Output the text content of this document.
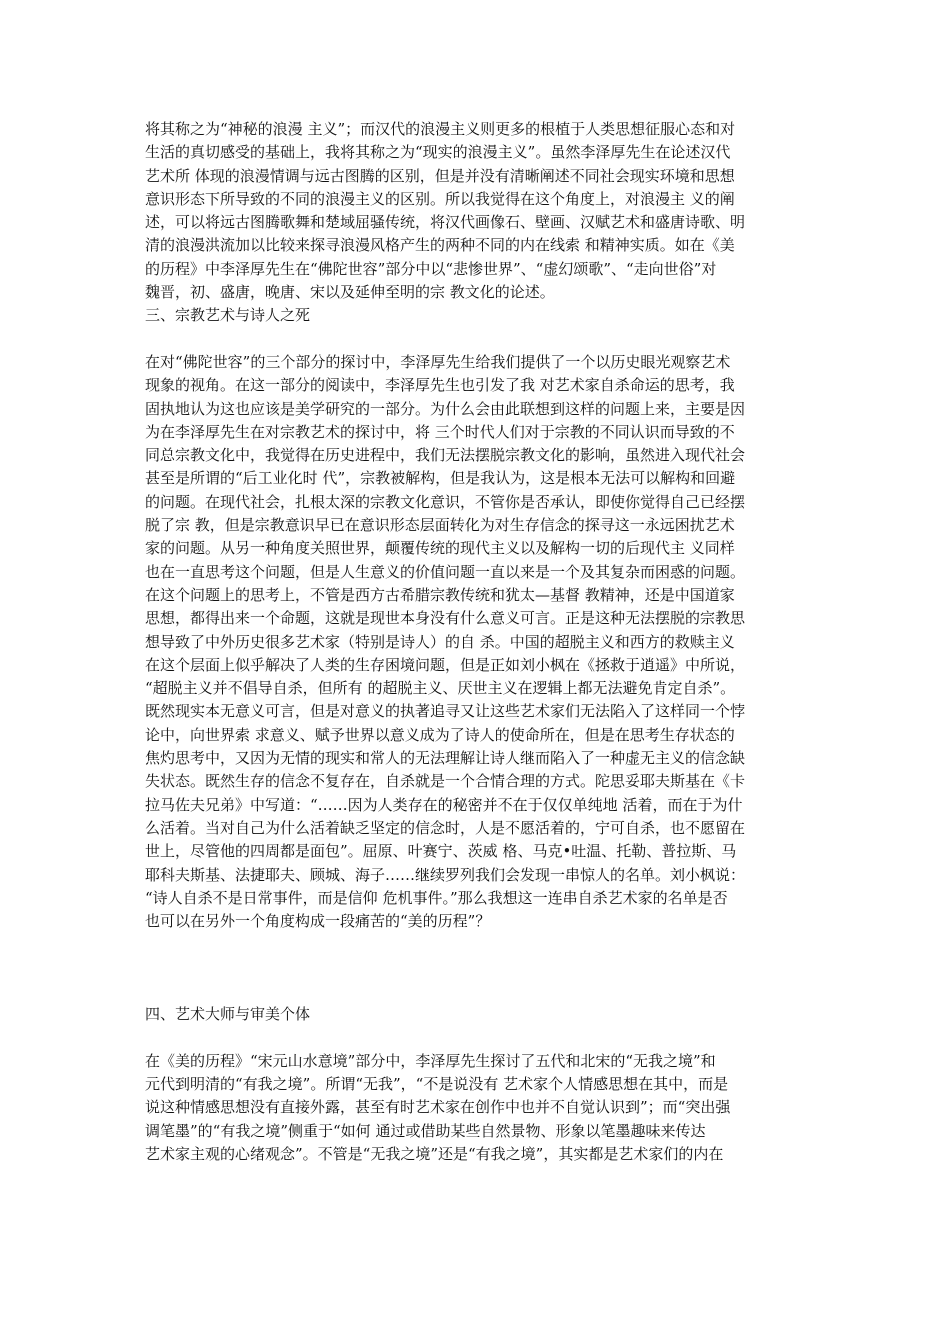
将其称之为“神秘的浪漫 主义”；而汉代的浪漫主义则更多的根植于人类思想征服心态和对
生活的真切感受的基础上，我将其称之为“现实的浪漫主义”。虽然李泽厚先生在论述汉代
艺术所 体现的浪漫情调与远古图腾的区别，但是并没有清晰阐述不同社会现实环境和思想
意识形态下所导致的不同的浪漫主义的区别。所以我觉得在这个角度上，对浪漫主 义的阐
述，可以将远古图腾歌舞和楚域屈骚传统，将汉代画像石、壁画、汉赋艺术和盛唐诗歌、明
清的浪漫洪流加以比较来探寻浪漫风格产生的两种不同的内在线索 和精神实质。如在《美
的历程》中李泽厚先生在“佛陀世容”部分中以“悲惨世界”、“虚幻颂歌”、“走向世俗”对
魏晋，初、盛唐，晚唐、宋以及延伸至明的宗 教文化的论述。
三、宗教艺术与诗人之死
在对“佛陀世容”的三个部分的探讨中，李泽厚先生给我们提供了一个以历史眼光观察艺术
现象的视角。在这一部分的阅读中，李泽厚先生也引发了我 对艺术家自杀命运的思考，我
固执地认为这也应该是美学研究的一部分。为什么会由此联想到这样的问题上来，主要是因
为在李泽厚先生在对宗教艺术的探讨中，将 三个时代人们对于宗教的不同认识而导致的不
同总宗教文化中，我觉得在历史进程中，我们无法摆脱宗教文化的影响，虽然进入现代社会
甚至是所谓的“后工业化时 代”，宗教被解构，但是我认为，这是根本无法可以解构和回避
的问题。在现代社会，扎根太深的宗教文化意识，不管你是否承认，即使你觉得自己已经摆
脱了宗 教，但是宗教意识早已在意识形态层面转化为对生存信念的探寻这一永远困扰艺术
家的问题。从另一种角度关照世界，颠覆传统的现代主义以及解构一切的后现代主 义同样
也在一直思考这个问题，但是人生意义的价值问题一直以来是一个及其复杂而困惑的问题。
在这个问题上的思考上，不管是西方古希腊宗教传统和犹太—基督 教精神，还是中国道家
思想，都得出来一个命题，这就是现世本身没有什么意义可言。正是这种无法摆脱的宗教思
想导致了中外历史很多艺术家（特别是诗人）的自 杀。中国的超脱主义和西方的救赎主义
在这个层面上似乎解决了人类的生存困境问题，但是正如刘小枫在《拯救于逍遥》中所说，
“超脱主义并不倡导自杀，但所有 的超脱主义、厌世主义在逻辑上都无法避免肯定自杀”。
既然现实本无意义可言，但是对意义的执著追寻又让这些艺术家们无法陷入了这样同一个悖
论中，向世界索 求意义、赋予世界以意义成为了诗人的使命所在，但是在思考生存状态的
焦灼思考中，又因为无情的现实和常人的无法理解让诗人继而陷入了一种虚无主义的信念缺
失状态。既然生存的信念不复存在，自杀就是一个合情合理的方式。陀思妥耶夫斯基在《卡
拉马佐夫兄弟》中写道：“……因为人类存在的秘密并不在于仅仅单纯地 活着，而在于为什
么活着。当对自己为什么活着缺乏坚定的信念时，人是不愿活着的，宁可自杀，也不愿留在
世上，尽管他的四周都是面包”。屈原、叶赛宁、茨威 格、马克•吐温、托勒、普拉斯、马
耶科夫斯基、法捷耶夫、顾城、海子……继续罗列我们会发现一串惊人的名单。刘小枫说：
“诗人自杀不是日常事件，而是信仰 危机事件。”那么我想这一连串自杀艺术家的名单是否
也可以在另外一个角度构成一段痛苦的“美的历程”？
四、艺术大师与审美个体
在《美的历程》“宋元山水意境”部分中，李泽厚先生探讨了五代和北宋的“无我之境”和
元代到明清的“有我之境”。所谓“无我”，“不是说没有 艺术家个人情感思想在其中，而是
说这种情感思想没有直接外露，甚至有时艺术家在创作中也并不自觉认识到”；而“突出强
调笔墨”的“有我之境”侧重于“如何 通过或借助某些自然景物、形象以笔墨趣味来传达
艺术家主观的心绪观念”。不管是“无我之境”还是“有我之境”，其实都是艺术家们的内在
